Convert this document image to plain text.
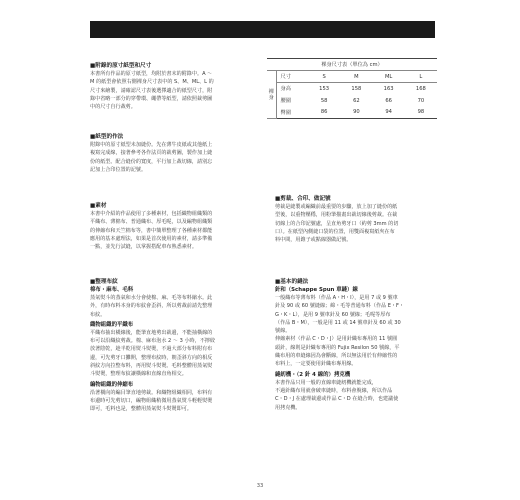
■附錄的原寸紙型和尺寸

本書所有作品的原寸紙型，均附於書末的附錄中。A ～
M 的紙型會依照右側裸身尺寸表中的 S、M、ML、L 的
尺寸來繪製，請確認尺寸表後選擇適合的紙型尺寸，附
錄中省略一部分的穿帶環、繩帶等紙型，請依照裁剪圖
中的尺寸自行裁剪。

裸身尺寸表（單位為 cm）					
裸身	尺寸	S	M	ML	L
	身高	153	158	163	168
	腰圍	58	62	66	70
	臀圍	86	90	94	98
■紙型的作法

附錄中的原寸紙型未加縫份。先在薄牛皮紙或其他紙上
複寫完成線，接著參考各作法頁的裁剪圖，製作加上縫
份的紙型。配合縫份的寬度，平行加上裁切線，請別忘
記加上合印位置的記號。

■剪裁、合印、做記號

剪裁是縫製或編織前最重要的步驟，放上加了縫份的紙
型後，以重物壓穩，用粉筆描畫出裁切線後剪裁。在裁
切線上的合印記號處，呈直角剪牙口（約剪 3mm 的切
口）。在紙型內側縫口袋的位置，用雙面複寫紙夾在布
料中間，用錐子或點線器做記號。

■素材

本書中介紹的作品使用了多種素材，包括織物組織類的
平織布、薄棉布、普通織布、厚毛呢，以及編物組織類
的伸縮布和天竺棉布等，書中簡單整理了各種素材都能
應用的基本處理法，如果是首次使用的素材，請多準備
一點，並先行試縫，以掌握搭配車布熟悉素材。

■整理布紋
棉布・麻布、毛料

蒸氣熨斗的蒸氣和水分會使棉、麻、毛等布料縮水。此
外，有時布料本身的布紋會歪斜，所以剪裁前請先整理
布紋。

織物組織的平織布

平織布抽出橫線後，能筆直地剪出裁邊，不能抽橫線的
布可以沿織紋剪裁。棉、麻布泡水 2 ～ 3 小時，不擰絞
放著陰乾，趁半乾用熨斗熨燙，不過大部分布料附有布
邊，可先剪牙口攤開，整理布紋時，朝歪斜方向的相反
斜紋方向拉整布料，再用熨斗熨燙。毛料整體用蒸氣熨
斗熨燙，整理布紋讓橫線和直線直角相交。

編物組織的伸縮布

沿著橫向的編目筆直地剪裁。和織物組織相同，布料有
布邊時可先剪切口，編物組織稍微用蒸氣熨斗輕輕熨燙
即可，毛料也是，整體用蒸氣熨斗熨燙即可。

■基本的縫法
針和（Schappe Spun 車縫）線

一般織布等薄布料（作品 A・H・I），是用 7 或 9 號車
針及 90 或 60 號縫線；綿・毛等普通布料（作品 E・F・
G・K・L），是用 9 號車針及 60 號線；毛呢等厚布
（作品 B・M），一般是用 11 或 14 號車針及 60 或 30
號線。
伸縮素材（作品 C・D・J）是用針織布專用的 11 號圓
頭針，線則是針織布專用的 Fujix Resilon 50 號線，平
織布用的車縫線因為會斷線，所以無法用於有伸縮性的
布料上，一定要使用針織布專用線。

縫紉機・（2 針 4 線的）拷克機

本書作品只用一般的直線車縫紉機就能完成，
不過針織布用就會破車縫時，布料會脫線，所以作品
C・D・J 在處理裁邊或作品 C・D 在縫合時，也建議使
用拷克機。

33
